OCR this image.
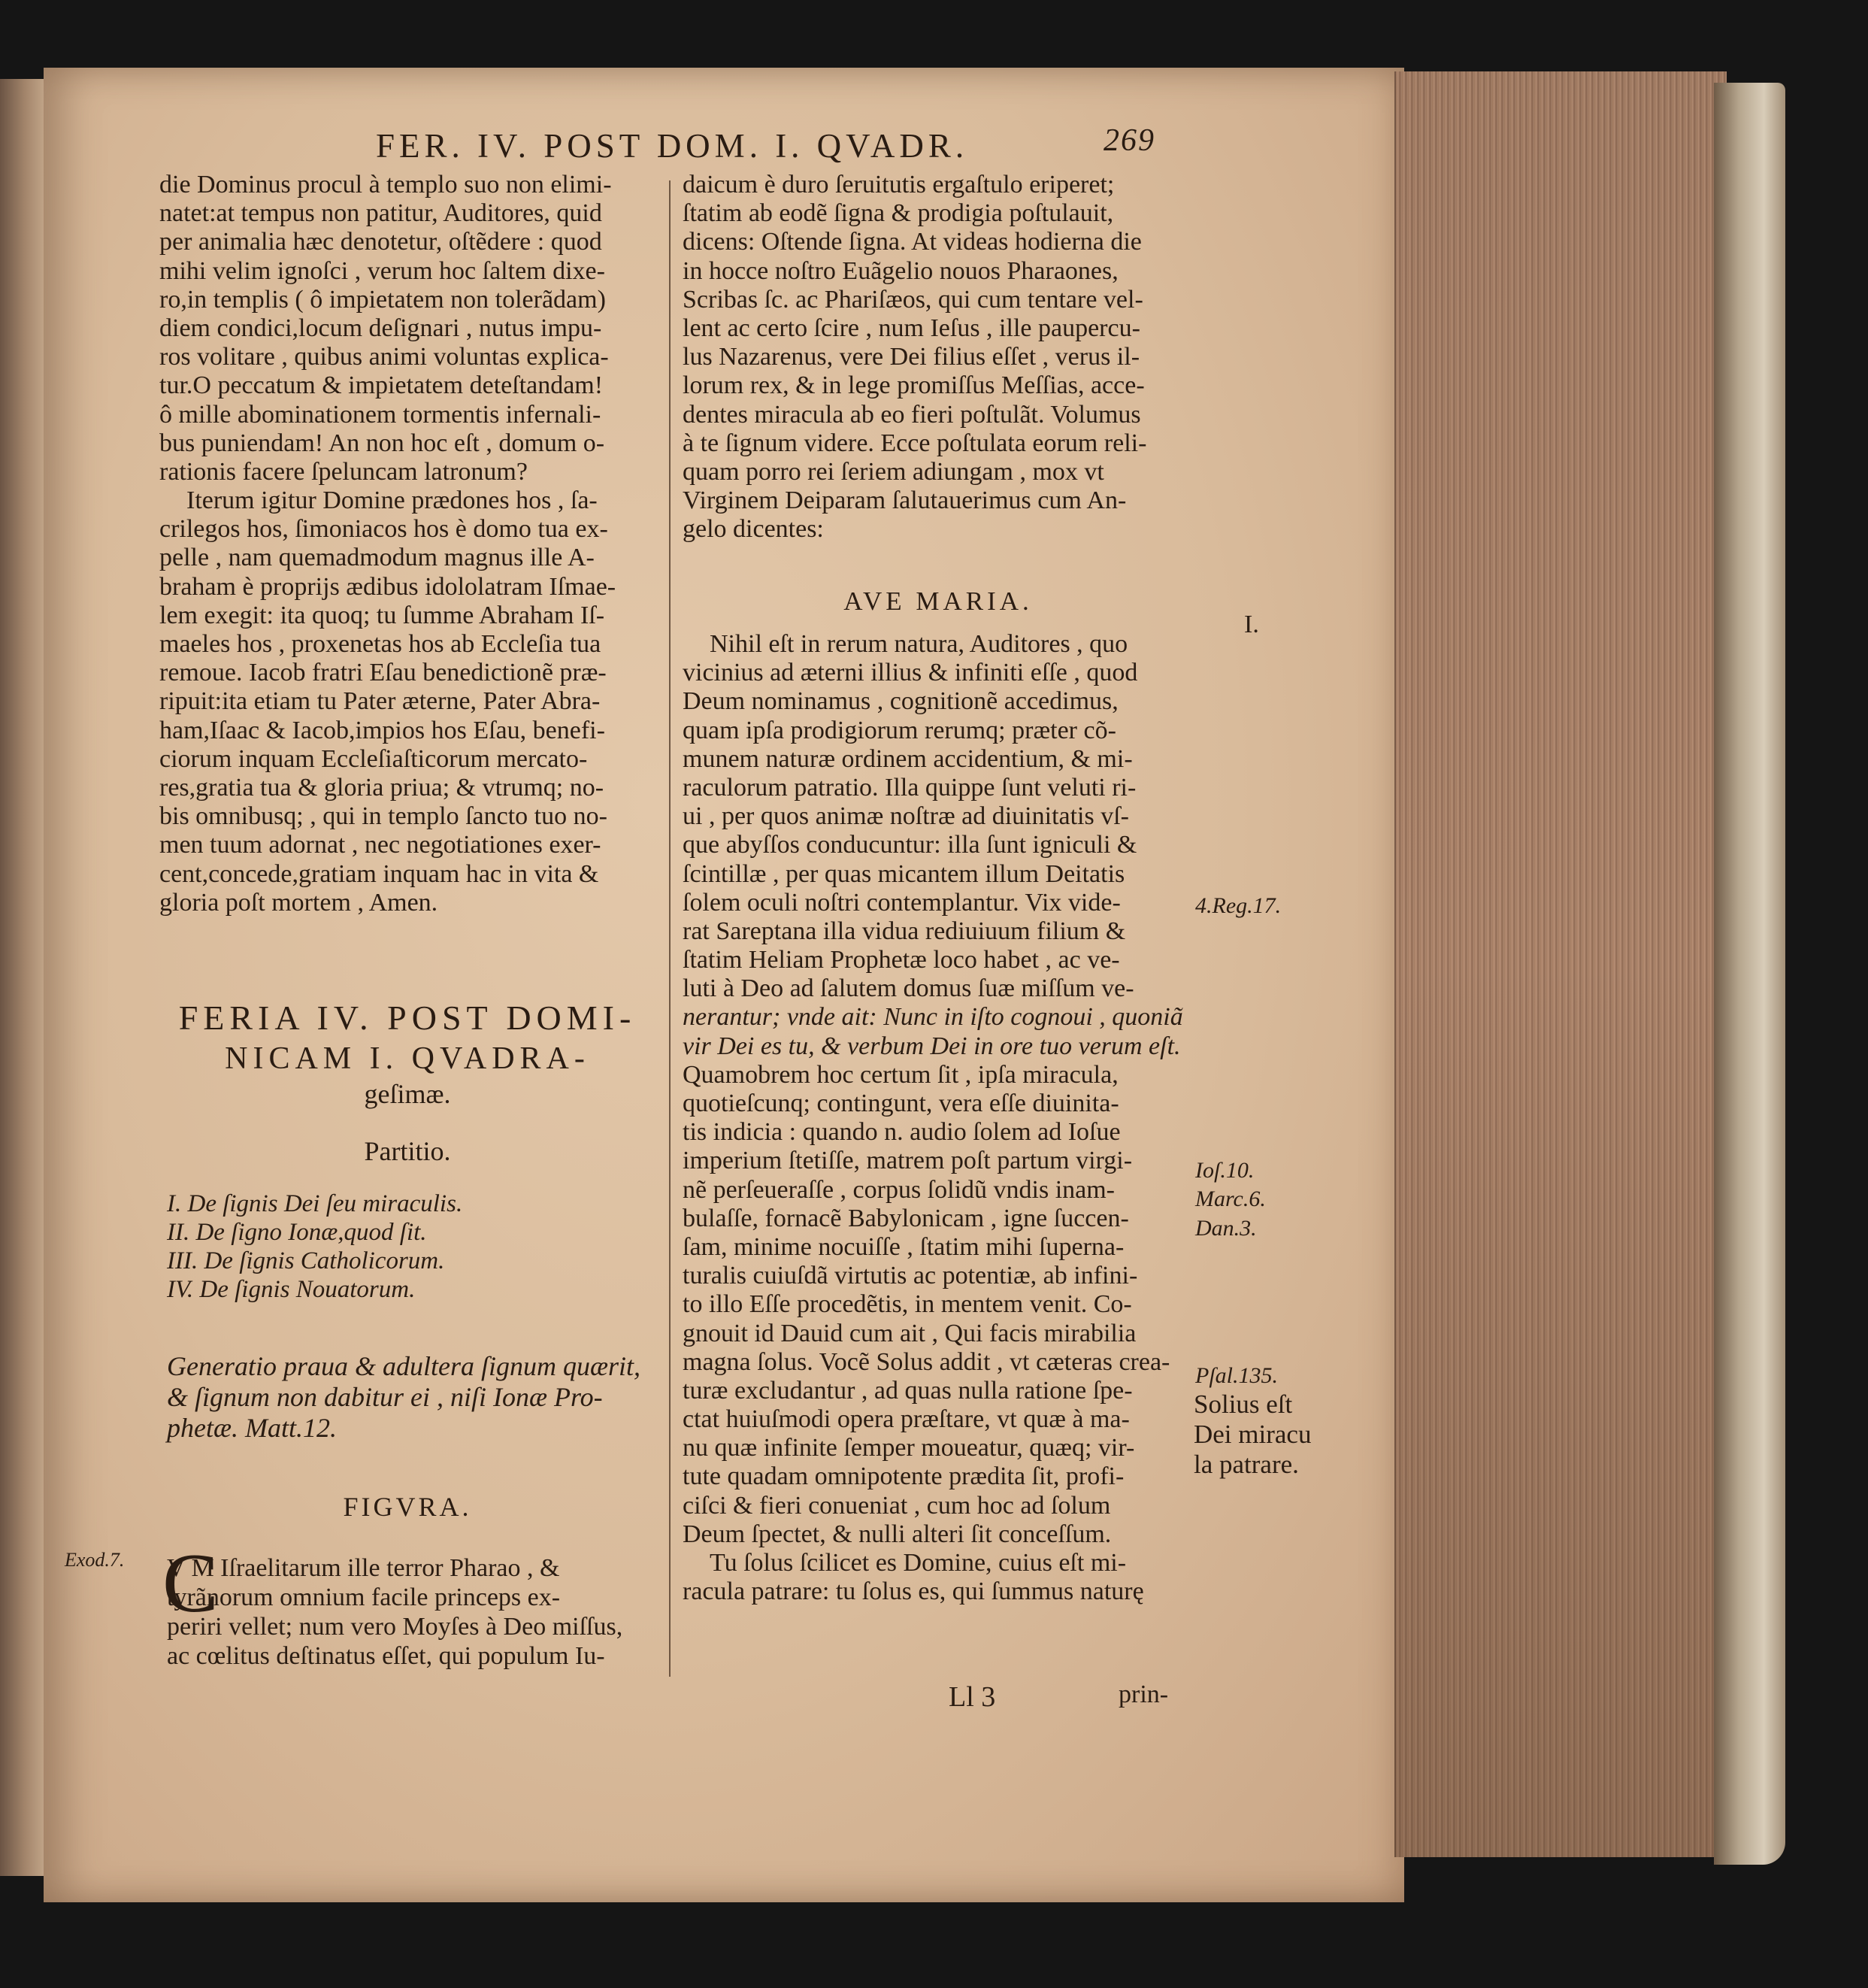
FER. IV. POST DOM. I. QVADR.	269
die Dominus procul à templo suo non elimi-
natet:at tempus non patitur, Auditores, quid
per animalia hæc denotetur, oſtẽdere : quod
mihi velim ignoſci , verum hoc ſaltem dixe-
ro,in templis ( ô impietatem non tolerãdam)
diem condici,locum deſignari , nutus impu-
ros volitare , quibus animi voluntas explica-
tur.O peccatum & impietatem deteſtandam!
ô mille abominationem tormentis infernali-
bus puniendam! An non hoc eſt , domum o-
rationis facere ſpeluncam latronum?
Iterum igitur Domine prædones hos , ſa-
crilegos hos, ſimoniacos hos è domo tua ex-
pelle , nam quemadmodum magnus ille A-
braham è proprijs ædibus idololatram Iſmae-
lem exegit: ita quoq; tu ſumme Abraham Iſ-
maeles hos , proxenetas hos ab Eccleſia tua
remoue. Iacob fratri Eſau benedictionẽ præ-
ripuit:ita etiam tu Pater æterne, Pater Abra-
ham,Iſaac & Iacob,impios hos Eſau, benefi-
ciorum inquam Eccleſiaſticorum mercato-
res,gratia tua & gloria priua; & vtrumq; no-
bis omnibusq; , qui in templo ſancto tuo no-
men tuum adornat , nec negotiationes exer-
cent,concede,gratiam inquam hac in vita &
gloria poſt mortem , Amen.
FERIA IV. POST DOMI-
NICAM I. QVADRA-
geſimæ.
Partitio.
I. De ſignis Dei ſeu miraculis.
II. De ſigno Ionæ,quod ſit.
III. De ſignis Catholicorum.
IV. De ſignis Nouatorum.
Generatio praua & adultera ſignum quærit,
& ſignum non dabitur ei , niſi Ionæ Pro-
phetæ. Matt.12.
FIGVRA.
C
V M Iſraelitarum ille terror Pharao , &
tyrãnorum omnium facile princeps ex-
periri vellet; num vero Moyſes à Deo miſſus,
ac cœlitus deſtinatus eſſet, qui populum Iu-
Exod.7.
daicum è duro ſeruitutis ergaſtulo eriperet;
ſtatim ab eodẽ ſigna & prodigia poſtulauit,
dicens: Oſtende ſigna. At videas hodierna die
in hocce noſtro Euãgelio nouos Pharaones,
Scribas ſc. ac Phariſæos, qui cum tentare vel-
lent ac certo ſcire , num Ieſus , ille paupercu-
lus Nazarenus, vere Dei filius eſſet , verus il-
lorum rex, & in lege promiſſus Meſſias, acce-
dentes miracula ab eo fieri poſtulãt. Volumus
à te ſignum videre. Ecce poſtulata eorum reli-
quam porro rei ſeriem adiungam , mox vt
Virginem Deiparam ſalutauerimus cum An-
gelo dicentes:
AVE MARIA.
Nihil eſt in rerum natura, Auditores , quo
vicinius ad æterni illius & infiniti eſſe , quod
Deum nominamus , cognitionẽ accedimus,
quam ipſa prodigiorum rerumq; præter cõ-
munem naturæ ordinem accidentium, & mi-
raculorum patratio. Illa quippe ſunt veluti ri-
ui , per quos animæ noſtræ ad diuinitatis vſ-
que abyſſos conducuntur: illa ſunt igniculi &
ſcintillæ , per quas micantem illum Deitatis
ſolem oculi noſtri contemplantur. Vix vide-
rat Sareptana illa vidua rediuiuum filium &
ſtatim Heliam Prophetæ loco habet , ac ve-
luti à Deo ad ſalutem domus ſuæ miſſum ve-
nerantur; vnde ait: Nunc in iſto cognoui , quoniã
vir Dei es tu, & verbum Dei in ore tuo verum eſt.
Quamobrem hoc certum ſit , ipſa miracula,
quotieſcunq; contingunt, vera eſſe diuinita-
tis indicia : quando n. audio ſolem ad Ioſue
imperium ſtetiſſe, matrem poſt partum virgi-
nẽ perſeueraſſe , corpus ſolidũ vndis inam-
bulaſſe, fornacẽ Babylonicam , igne ſuccen-
ſam, minime nocuiſſe , ſtatim mihi ſuperna-
turalis cuiuſdã virtutis ac potentiæ, ab infini-
to illo Eſſe procedẽtis, in mentem venit. Co-
gnouit id Dauid cum ait , Qui facis mirabilia
magna ſolus. Vocẽ Solus addit , vt cæteras crea-
turæ excludantur , ad quas nulla ratione ſpe-
ctat huiuſmodi opera præſtare, vt quæ à ma-
nu quæ infinite ſemper moueatur, quæq; vir-
tute quadam omnipotente prædita ſit, profi-
ciſci & fieri conueniat , cum hoc ad ſolum
Deum ſpectet, & nulli alteri ſit conceſſum.
Tu ſolus ſcilicet es Domine, cuius eſt mi-
racula patrare: tu ſolus es, qui ſummus naturę
I.
4.Reg.17.
Ioſ.10.
Marc.6.
Dan.3.
Pſal.135.
Solius eſt
Dei miracu
la patrare.
Ll 3	prin-
